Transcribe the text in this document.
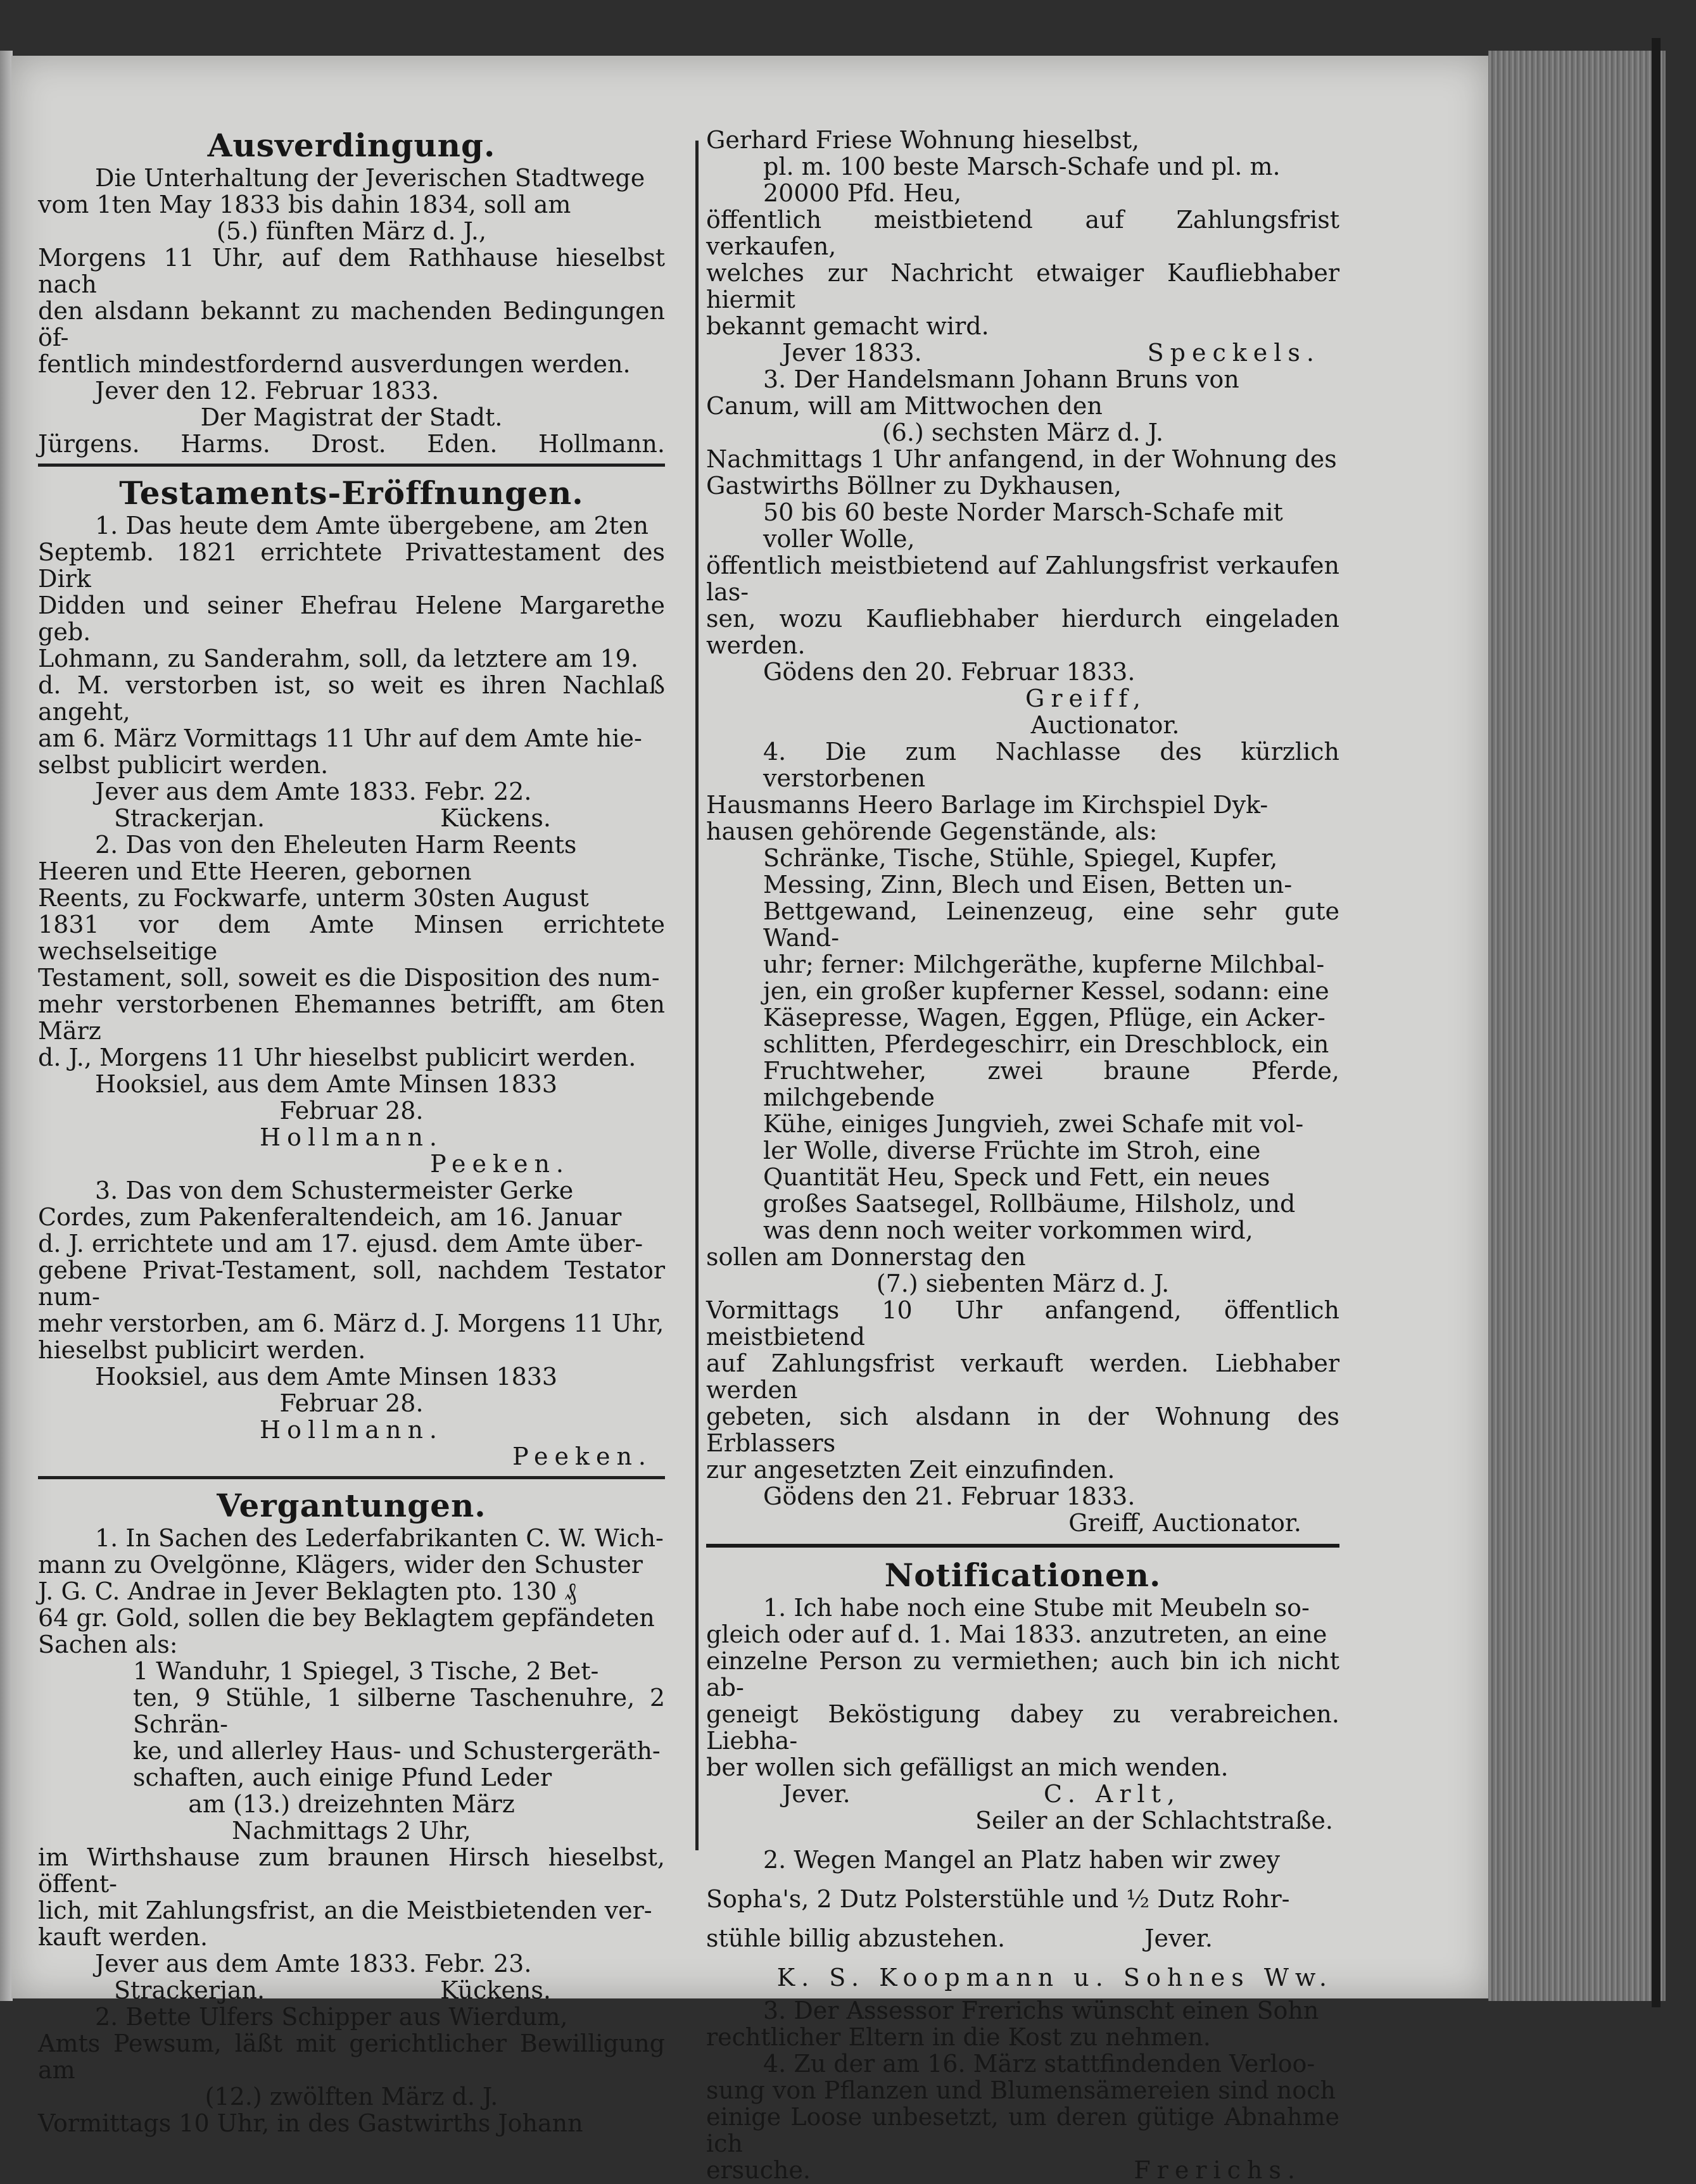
Ausverdingung.

Die Unterhaltung der Jeverischen Stadtwege

vom 1ten May 1833 bis dahin 1834, soll am

(5.) fünften März d. J.,

Morgens 11 Uhr, auf dem Rathhause hieselbst nach

den alsdann bekannt zu machenden Bedingungen öf-

fentlich mindestfordernd ausverdungen werden.

Jever den 12. Februar 1833.

Der Magistrat der Stadt.

Jürgens. Harms. Drost. Eden. Hollmann.
Testaments-Eröffnungen.

1. Das heute dem Amte übergebene, am 2ten

Septemb. 1821 errichtete Privattestament des Dirk

Didden und seiner Ehefrau Helene Margarethe geb.

Lohmann, zu Sanderahm, soll, da letztere am 19.

d. M. verstorben ist, so weit es ihren Nachlaß angeht,

am 6. März Vormittags 11 Uhr auf dem Amte hie-

selbst publicirt werden.

Jever aus dem Amte 1833. Febr. 22.

Strackerjan.	Kückens.

2. Das von den Eheleuten Harm Reents

Heeren und Ette Heeren, gebornen

Reents, zu Fockwarfe, unterm 30sten August

1831 vor dem Amte Minsen errichtete wechselseitige

Testament, soll, soweit es die Disposition des num-

mehr verstorbenen Ehemannes betrifft, am 6ten März

d. J., Morgens 11 Uhr hieselbst publicirt werden.

Hooksiel, aus dem Amte Minsen 1833

Februar 28.

Hollmann.

Peeken.

3. Das von dem Schustermeister Gerke

Cordes, zum Pakenferaltendeich, am 16. Januar

d. J. errichtete und am 17. ejusd. dem Amte über-

gebene Privat-Testament, soll, nachdem Testator num-

mehr verstorben, am 6. März d. J. Morgens 11 Uhr,

hieselbst publicirt werden.

Hooksiel, aus dem Amte Minsen 1833

Februar 28.

Hollmann.

Peeken.

Vergantungen.

1. In Sachen des Lederfabrikanten C. W. Wich-

mann zu Ovelgönne, Klägers, wider den Schuster

J. G. C. Andrae in Jever Beklagten pto. 130 ₰

64 gr. Gold, sollen die bey Beklagtem gepfändeten

Sachen als:

1 Wanduhr, 1 Spiegel, 3 Tische, 2 Bet-

ten, 9 Stühle, 1 silberne Taschenuhre, 2 Schrän-

ke, und allerley Haus- und Schustergeräth-

schaften, auch einige Pfund Leder

am (13.) dreizehnten März

Nachmittags 2 Uhr,

im Wirthshause zum braunen Hirsch hieselbst, öffent-

lich, mit Zahlungsfrist, an die Meistbietenden ver-

kauft werden.

Jever aus dem Amte 1833. Febr. 23.

Strackerjan.	Kückens.

2. Bette Ulfers Schipper aus Wierdum,

Amts Pewsum, läßt mit gerichtlicher Bewilligung am

(12.) zwölften März d. J.

Vormittags 10 Uhr, in des Gastwirths Johann

Gerhard Friese Wohnung hieselbst,

pl. m. 100 beste Marsch-Schafe und pl. m.

20000 Pfd. Heu,

öffentlich meistbietend auf Zahlungsfrist verkaufen,

welches zur Nachricht etwaiger Kaufliebhaber hiermit

bekannt gemacht wird.

Jever 1833.	Speckels.

3. Der Handelsmann Johann Bruns von

Canum, will am Mittwochen den

(6.) sechsten März d. J.

Nachmittags 1 Uhr anfangend, in der Wohnung des

Gastwirths Böllner zu Dykhausen,

50 bis 60 beste Norder Marsch-Schafe mit

voller Wolle,

öffentlich meistbietend auf Zahlungsfrist verkaufen las-

sen, wozu Kaufliebhaber hierdurch eingeladen werden.

Gödens den 20. Februar 1833.

Greiff,

Auctionator.

4. Die zum Nachlasse des kürzlich verstorbenen

Hausmanns Heero Barlage im Kirchspiel Dyk-

hausen gehörende Gegenstände, als:

Schränke, Tische, Stühle, Spiegel, Kupfer,

Messing, Zinn, Blech und Eisen, Betten un-

Bettgewand, Leinenzeug, eine sehr gute Wand-

uhr; ferner: Milchgeräthe, kupferne Milchbal-

jen, ein großer kupferner Kessel, sodann: eine

Käsepresse, Wagen, Eggen, Pflüge, ein Acker-

schlitten, Pferdegeschirr, ein Dreschblock, ein

Fruchtweher, zwei braune Pferde, milchgebende

Kühe, einiges Jungvieh, zwei Schafe mit vol-

ler Wolle, diverse Früchte im Stroh, eine

Quantität Heu, Speck und Fett, ein neues

großes Saatsegel, Rollbäume, Hilsholz, und

was denn noch weiter vorkommen wird,

sollen am Donnerstag den

(7.) siebenten März d. J.

Vormittags 10 Uhr anfangend, öffentlich meistbietend

auf Zahlungsfrist verkauft werden. Liebhaber werden

gebeten, sich alsdann in der Wohnung des Erblassers

zur angesetzten Zeit einzufinden.

Gödens den 21. Februar 1833.

Greiff, Auctionator.

Notificationen.

1. Ich habe noch eine Stube mit Meubeln so-

gleich oder auf d. 1. Mai 1833. anzutreten, an eine

einzelne Person zu vermiethen; auch bin ich nicht ab-

geneigt Beköstigung dabey zu verabreichen. Liebha-

ber wollen sich gefälligst an mich wenden.

Jever.	C. Arlt,

Seiler an der Schlachtstraße.

2. Wegen Mangel an Platz haben wir zwey

Sopha's, 2 Dutz Polsterstühle und ½ Dutz Rohr-

stühle billig abzustehen.	Jever.

K. S. Koopmann u. Sohnes Ww.

3. Der Assessor Frerichs wünscht einen Sohn

rechtlicher Eltern in die Kost zu nehmen.

4. Zu der am 16. März stattfindenden Verloo-

sung von Pflanzen und Blumensämereien sind noch

einige Loose unbesetzt, um deren gütige Abnahme ich

ersuche.	Frerichs.
